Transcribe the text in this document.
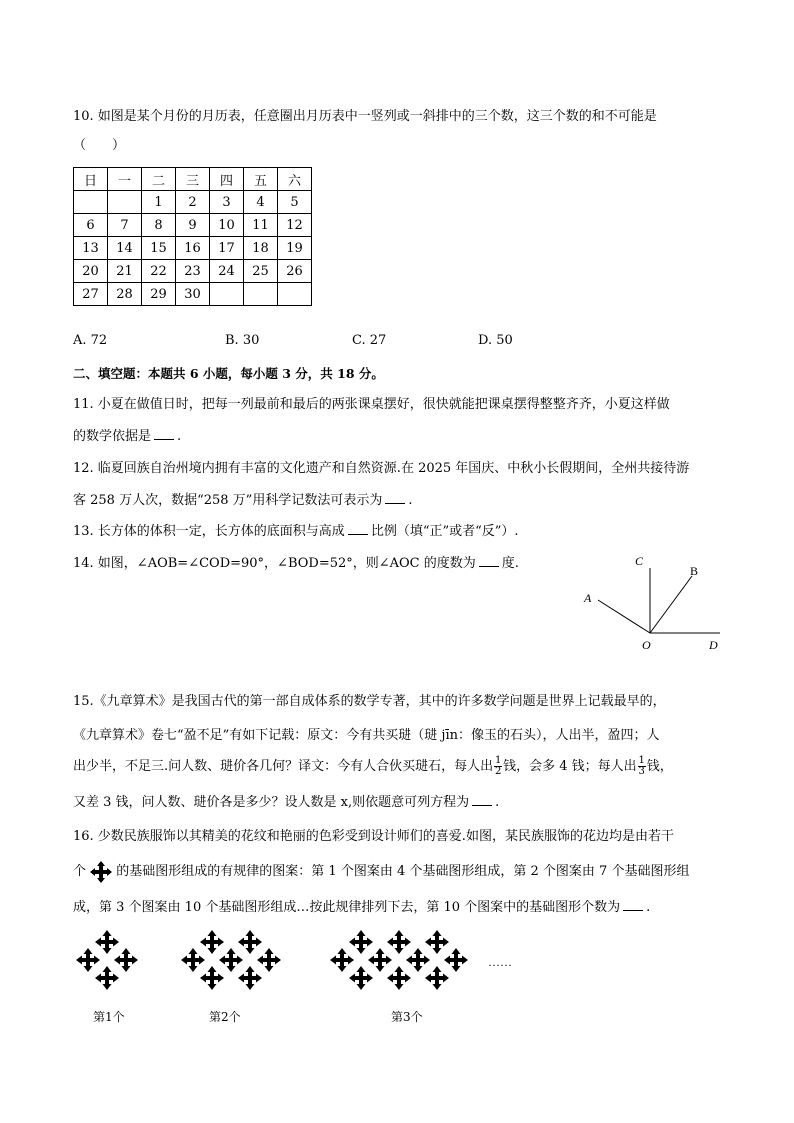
10. 如图是某个月份的月历表，任意圈出月历表中一竖列或一斜排中的三个数，这三个数的和不可能是
（　　）
日	一	二	三	四	五	六
		1	2	3	4	5
6	7	8	9	10	11	12
13	14	15	16	17	18	19
20	21	22	23	24	25	26
27	28	29	30			
A. 72	B. 30	C. 27	D. 50
二、填空题：本题共 6 小题，每小题 3 分，共 18 分。
11. 小夏在做值日时，把每一列最前和最后的两张课桌摆好，很快就能把课桌摆得整整齐齐，小夏这样做
的数学依据是 .
12. 临夏回族自治州境内拥有丰富的文化遗产和自然资源.在 2025 年国庆、中秋小长假期间，全州共接待游
客 258 万人次，数据“258 万”用科学记数法可表示为 .
13. 长方体的体积一定，长方体的底面积与高成 比例（填“正”或者“反”）.
14. 如图，∠AOB=∠COD=90°，∠BOD=52°，则∠AOC 的度数为 度.	C
B
A
O	D
15.《九章算术》是我国古代的第一部自成体系的数学专著，其中的许多数学问题是世界上记载最早的，
《九章算术》卷七“盈不足”有如下记载：原文：今有共买琎（琎 jīn：像玉的石头），人出半，盈四；人
出少半，不足三.问人数、琎价各几何？译文：今有人合伙买琎石，每人出 $\frac{1}{2}$ 钱，会多 4 钱；每人出 $\frac{1}{3}$ 钱，
又差 3 钱，问人数、琎价各是多少？设人数是 x,则依题意可列方程为 .
16. 少数民族服饰以其精美的花纹和艳丽的色彩受到设计师们的喜爱.如图，某民族服饰的花边均是由若干
个 的基础图形组成的有规律的图案：第 1 个图案由 4 个基础图形组成，第 2 个图案由 7 个基础图形组
成，第 3 个图案由 10 个基础图形组成…按此规律排列下去，第 10 个图案中的基础图形个数为 .
……
第1个	第2个	第3个
